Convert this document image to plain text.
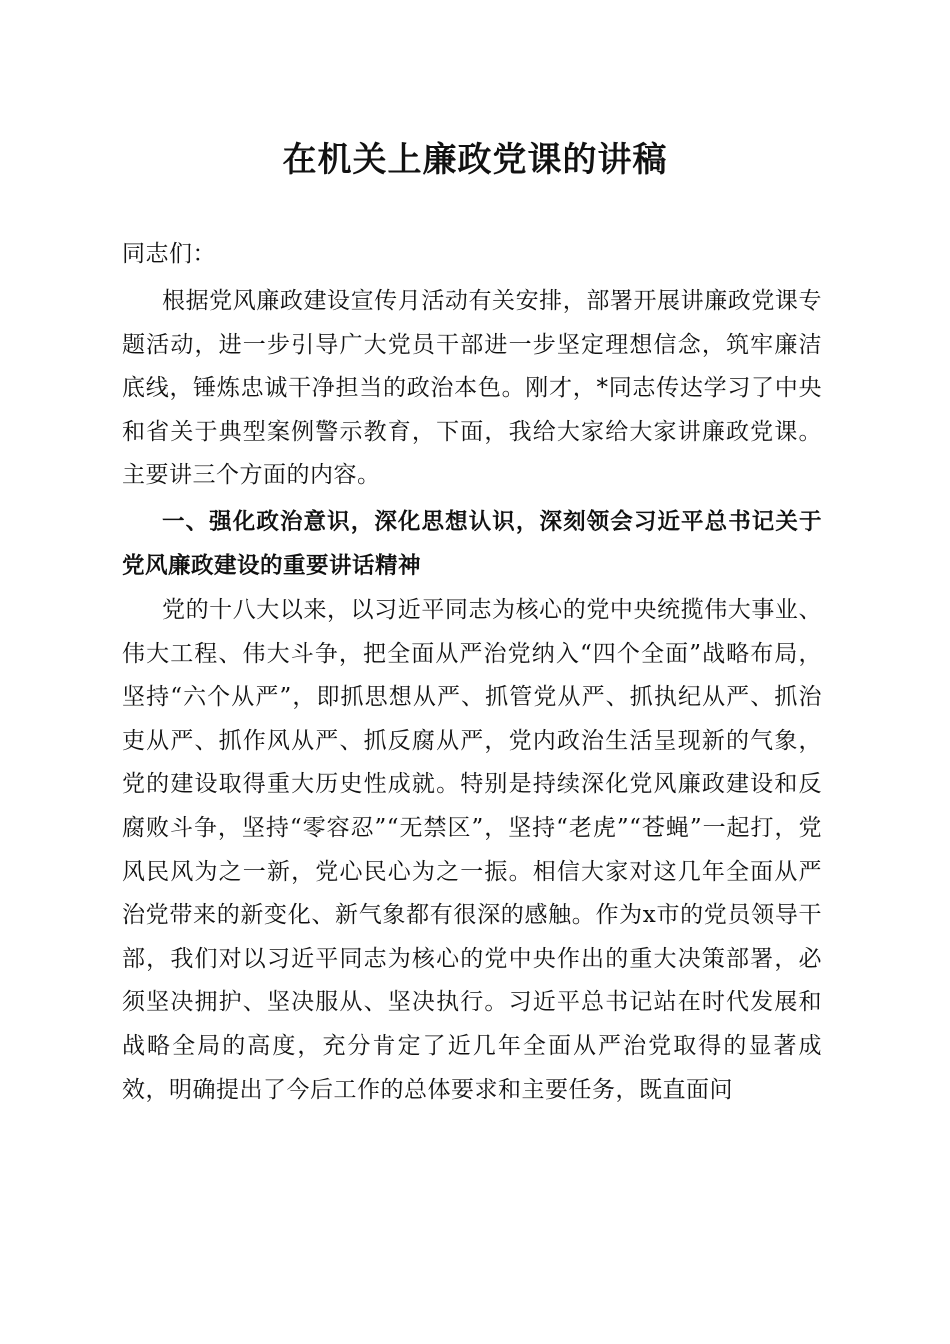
在机关上廉政党课的讲稿

同志们：

根据党风廉政建设宣传月活动有关安排，部署开展讲廉政党课专题活动，进一步引导广大党员干部进一步坚定理想信念，筑牢廉洁底线，锤炼忠诚干净担当的政治本色。刚才，*同志传达学习了中央和省关于典型案例警示教育，下面，我给大家给大家讲廉政党课。主要讲三个方面的内容。

一、强化政治意识，深化思想认识，深刻领会习近平总书记关于党风廉政建设的重要讲话精神

党的十八大以来，以习近平同志为核心的党中央统揽伟大事业、伟大工程、伟大斗争，把全面从严治党纳入“四个全面”战略布局，坚持“六个从严”，即抓思想从严、抓管党从严、抓执纪从严、抓治吏从严、抓作风从严、抓反腐从严，党内政治生活呈现新的气象，党的建设取得重大历史性成就。特别是持续深化党风廉政建设和反腐败斗争，坚持“零容忍”“无禁区”，坚持“老虎”“苍蝇”一起打，党风民风为之一新，党心民心为之一振。相信大家对这几年全面从严治党带来的新变化、新气象都有很深的感触。作为x市的党员领导干部，我们对以习近平同志为核心的党中央作出的重大决策部署，必须坚决拥护、坚决服从、坚决执行。习近平总书记站在时代发展和战略全局的高度，充分肯定了近几年全面从严治党取得的显著成效，明确提出了今后工作的总体要求和主要任务，既直面问
